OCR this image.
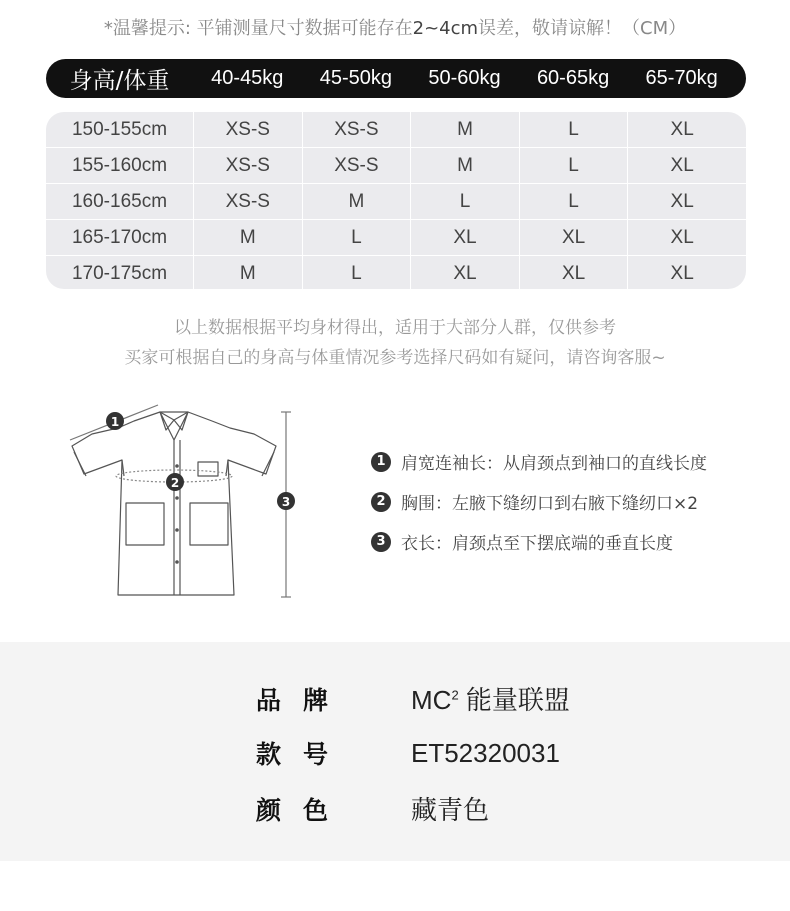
*温馨提示: 平铺测量尺寸数据可能存在2~4cm误差，敬请谅解！（CM）
身高/体重	40-45kg	45-50kg	50-60kg	60-65kg	65-70kg
150-155cm	XS-S	XS-S	M	L	XL
155-160cm	XS-S	XS-S	M	L	XL
160-165cm	XS-S	M	L	L	XL
165-170cm	M	L	XL	XL	XL
170-175cm	M	L	XL	XL	XL
以上数据根据平均身材得出，适用于大部分人群，仅供参考
买家可根据自己的身高与体重情况参考选择尺码如有疑问，请咨询客服~
1
2
3
1 肩宽连袖长：从肩颈点到袖口的直线长度
2 胸围：左腋下缝纫口到右腋下缝纫口×2
3 衣长：肩颈点至下摆底端的垂直长度
品牌	$MC^2$ 能量联盟
款号	ET52320031
颜色	藏青色
